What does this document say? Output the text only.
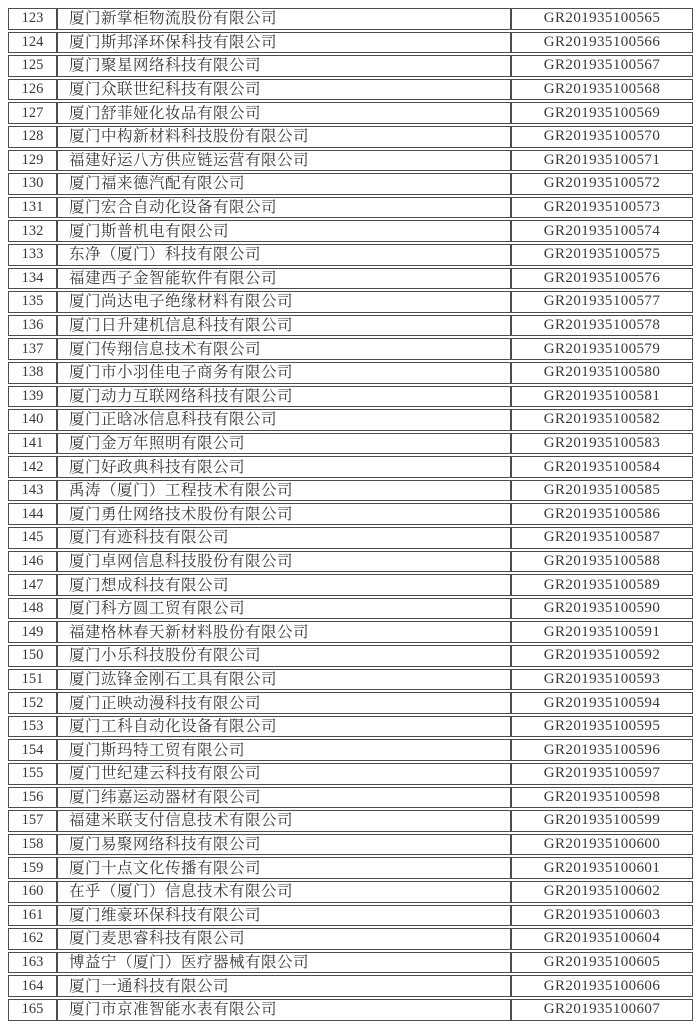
123	厦门新掌柜物流股份有限公司	GR201935100565
124	厦门斯邦泽环保科技有限公司	GR201935100566
125	厦门聚星网络科技有限公司	GR201935100567
126	厦门众联世纪科技有限公司	GR201935100568
127	厦门舒菲娅化妆品有限公司	GR201935100569
128	厦门中构新材料科技股份有限公司	GR201935100570
129	福建好运八方供应链运营有限公司	GR201935100571
130	厦门福来德汽配有限公司	GR201935100572
131	厦门宏合自动化设备有限公司	GR201935100573
132	厦门斯普机电有限公司	GR201935100574
133	东净（厦门）科技有限公司	GR201935100575
134	福建西子金智能软件有限公司	GR201935100576
135	厦门尚达电子绝缘材料有限公司	GR201935100577
136	厦门日升建机信息科技有限公司	GR201935100578
137	厦门传翔信息技术有限公司	GR201935100579
138	厦门市小羽佳电子商务有限公司	GR201935100580
139	厦门动力互联网络科技有限公司	GR201935100581
140	厦门正晗冰信息科技有限公司	GR201935100582
141	厦门金万年照明有限公司	GR201935100583
142	厦门好政典科技有限公司	GR201935100584
143	禹涛（厦门）工程技术有限公司	GR201935100585
144	厦门勇仕网络技术股份有限公司	GR201935100586
145	厦门有迹科技有限公司	GR201935100587
146	厦门卓网信息科技股份有限公司	GR201935100588
147	厦门想成科技有限公司	GR201935100589
148	厦门科方圆工贸有限公司	GR201935100590
149	福建格林春天新材料股份有限公司	GR201935100591
150	厦门小乐科技股份有限公司	GR201935100592
151	厦门竑锋金刚石工具有限公司	GR201935100593
152	厦门正映动漫科技有限公司	GR201935100594
153	厦门工科自动化设备有限公司	GR201935100595
154	厦门斯玛特工贸有限公司	GR201935100596
155	厦门世纪建云科技有限公司	GR201935100597
156	厦门纬嘉运动器材有限公司	GR201935100598
157	福建米联支付信息技术有限公司	GR201935100599
158	厦门易聚网络科技有限公司	GR201935100600
159	厦门十点文化传播有限公司	GR201935100601
160	在乎（厦门）信息技术有限公司	GR201935100602
161	厦门维豪环保科技有限公司	GR201935100603
162	厦门麦思睿科技有限公司	GR201935100604
163	博益宁（厦门）医疗器械有限公司	GR201935100605
164	厦门一通科技有限公司	GR201935100606
165	厦门市京准智能水表有限公司	GR201935100607
